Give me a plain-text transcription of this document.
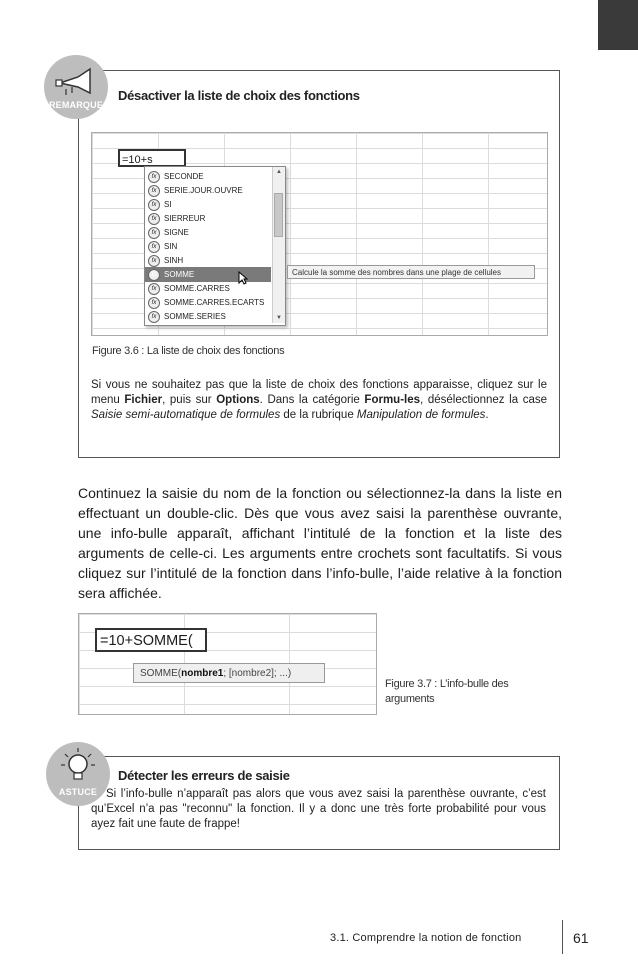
REMARQUE
Désactiver la liste de choix des fonctions
=10+s
fx SECONDE
fx SERIE.JOUR.OUVRE
fx SI
fx SIERREUR
fx SIGNE
fx SIN
fx SINH
fx SOMME
fx SOMME.CARRES
fx SOMME.CARRES.ECARTS
fx SOMME.SERIES
▲
▼
Calcule la somme des nombres dans une plage de cellules
Figure 3.6 : La liste de choix des fonctions
Si vous ne souhaitez pas que la liste de choix des fonctions apparaisse, cliquez sur le menu Fichier, puis sur Options. Dans la catégorie Formu-les, désélectionnez la case Saisie semi-automatique de formules de la rubrique Manipulation de formules.
Continuez la saisie du nom de la fonction ou sélectionnez-la dans la liste en effectuant un double-clic. Dès que vous avez saisi la parenthèse ouvrante, une info-bulle apparaît, affichant l’intitulé de la fonction et la liste des arguments de celle-ci. Les arguments entre crochets sont facultatifs. Si vous cliquez sur l’intitulé de la fonction dans l’info-bulle, l’aide relative à la fonction sera affichée.
=10+SOMME(
SOMME(nombre1; [nombre2]; ...)
Figure 3.7 : L’info-bulle des arguments
ASTUCE
Détecter les erreurs de saisie
Si l’info-bulle n’apparaît pas alors que vous avez saisi la parenthèse ouvrante, c’est qu’Excel n’a pas "reconnu" la fonction. Il y a donc une très forte probabilité pour vous ayez fait une faute de frappe!
3.1. Comprendre la notion de fonction	61
